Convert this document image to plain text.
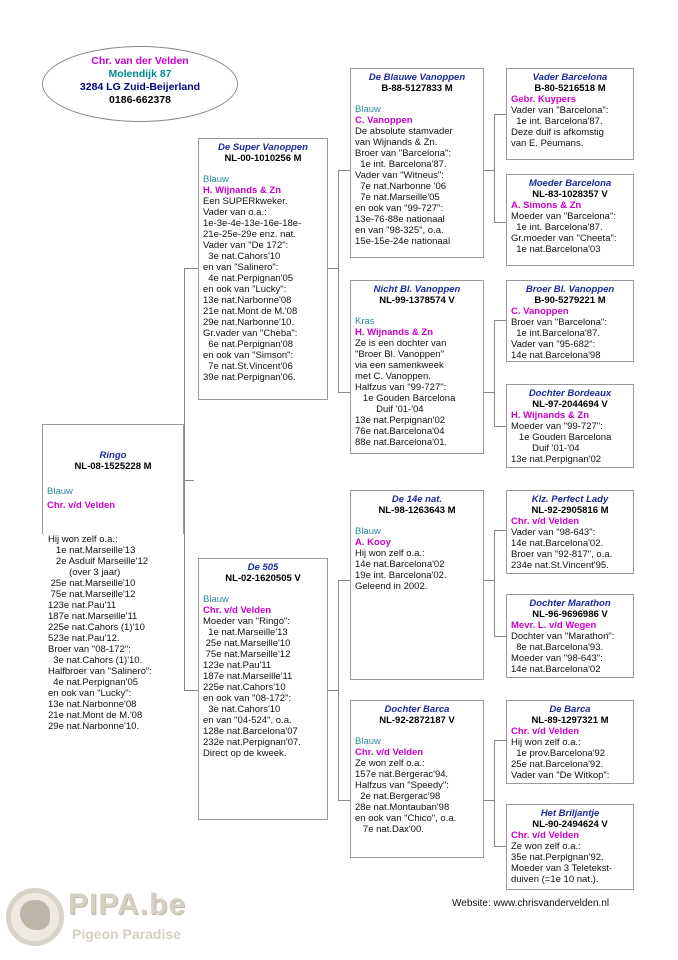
Chr. van der Velden
Molendijk 87
3284 LG Zuid-Beijerland
0186-662378
Ringo
NL-08-1525228 M
Blauw
Chr. v/d Velden
Hij won zelf o.a.:
1e nat.Marseille'13
2e Asduif Marseille'12
(over 3 jaar)
25e nat.Marseille'10
75e nat.Marseille'12
123e nat.Pau'11
187e nat.Marseille'11
225e nat.Cahors (1)'10
523e nat.Pau'12.
Broer van "08-172":
3e nat.Cahors (1)'10.
Halfbroer van "Salinero":
4e nat.Perpignan'05
en ook van "Lucky":
13e nat.Narbonne'08
21e nat.Mont de M.'08
29e nat.Narbonne'10.
De Super Vanoppen
NL-00-1010256 M
Blauw
H. Wijnands & Zn
Een SUPERkweker.
Vader van o.a.:
1e-3e-4e-13e-16e-18e-
21e-25e-29e enz. nat.
Vader van "De 172":
3e nat.Cahors'10
en van "Salinero":
4e nat.Perpignan'05
en ook van "Lucky":
13e nat.Narbonne'08
21e nat.Mont de M.'08
29e nat.Narbonne'10.
Gr.vader van "Cheba":
6e nat.Perpignan'08
en ook van "Simson":
7e nat.St.Vincent'06
39e nat.Perpignan'06.
De 505
NL-02-1620505 V
Blauw
Chr. v/d Velden
Moeder van "Ringo":
1e nat.Marseille'13
25e nat.Marseille'10
75e nat.Marseille'12
123e nat.Pau'11
187e nat.Marseille'11
225e nat.Cahors'10
en ook van "08-172":
3e nat.Cahors'10
en van "04-524", o.a.
128e nat.Barcelona'07
232e nat.Perpignan'07.
Direct op de kweek.
De Blauwe Vanoppen
B-88-5127833 M
Blauw
C. Vanoppen
De absolute stamvader
van Wijnands & Zn.
Broer van "Barcelona":
1e int. Barcelona'87.
Vader van "Witneus":
7e nat.Narbonne '06
7e nat.Marseille'05
en ook van "99-727":
13e-76-88e nationaal
en van "98-325", o.a.
15e-15e-24e nationaal
Nicht Bl. Vanoppen
NL-99-1378574 V
Kras
H. Wijnands & Zn
Ze is een dochter van
"Broer Bl. Vanoppen"
via een samenkweek
met C. Vanoppen.
Halfzus van "99-727":
1e Gouden Barcelona
Duif '01-'04
13e nat.Perpignan'02
76e nat.Barcelona'04
88e nat.Barcelona'01.
De 14e nat.
NL-98-1263643 M
Blauw
A. Kooy
Hij won zelf o.a.:
14e nat.Barcelona'02
19e int. Barcelona'02.
Geleend in 2002.
Dochter Barca
NL-92-2872187 V
Blauw
Chr. v/d Velden
Ze won zelf o.a.:
157e nat.Bergerac'94.
Halfzus van "Speedy":
2e nat.Bergerac'98
28e nat.Montauban'98
en ook van "Chico", o.a.
7e nat.Dax'00.
Vader Barcelona
B-80-5216518 M
Gebr. Kuypers
Vader van "Barcelona":
1e int. Barcelona'87.
Deze duif is afkomstig
van E. Peumans.
Moeder Barcelona
NL-83-1028357 V
A. Simons & Zn
Moeder van "Barcelona":
1e int. Barcelona'87.
Gr.moeder van "Cheeta":
1e nat.Barcelona'03
Broer Bl. Vanoppen
B-90-5279221 M
C. Vanoppen
Broer van "Barcelona":
1e int.Barcelona'87.
Vader van "95-682":
14e nat.Barcelona'98
Dochter Bordeaux
NL-97-2044694 V
H. Wijnands & Zn
Moeder van "99-727":
1e Gouden Barcelona
Duif '01-'04
13e nat.Perpignan'02
Klz. Perfect Lady
NL-92-2905816 M
Chr. v/d Velden
Vader van "98-643":
14e nat.Barcelona'02.
Broer van "92-817", o.a.
234e nat.St.Vincent'95.
Dochter Marathon
NL-96-9696986 V
Mevr. L. v/d Wegen
Dochter van "Marathon":
8e nat.Barcelona'93.
Moeder van "98-643":
14e nat.Barcelona'02
De Barca
NL-89-1297321 M
Chr. v/d Velden
Hij won zelf o.a.:
1e prov.Barcelona'92
25e nat.Barcelona'92.
Vader van "De Witkop":
Het Briljantje
NL-90-2494624 V
Chr. v/d Velden
Ze won zelf o.a.:
35e nat.Perpignan'92.
Moeder van 3 Teletekst-
duiven (=1e 10 nat.).
Website: www.chrisvandervelden.nl
PIPA.be
Pigeon Paradise
